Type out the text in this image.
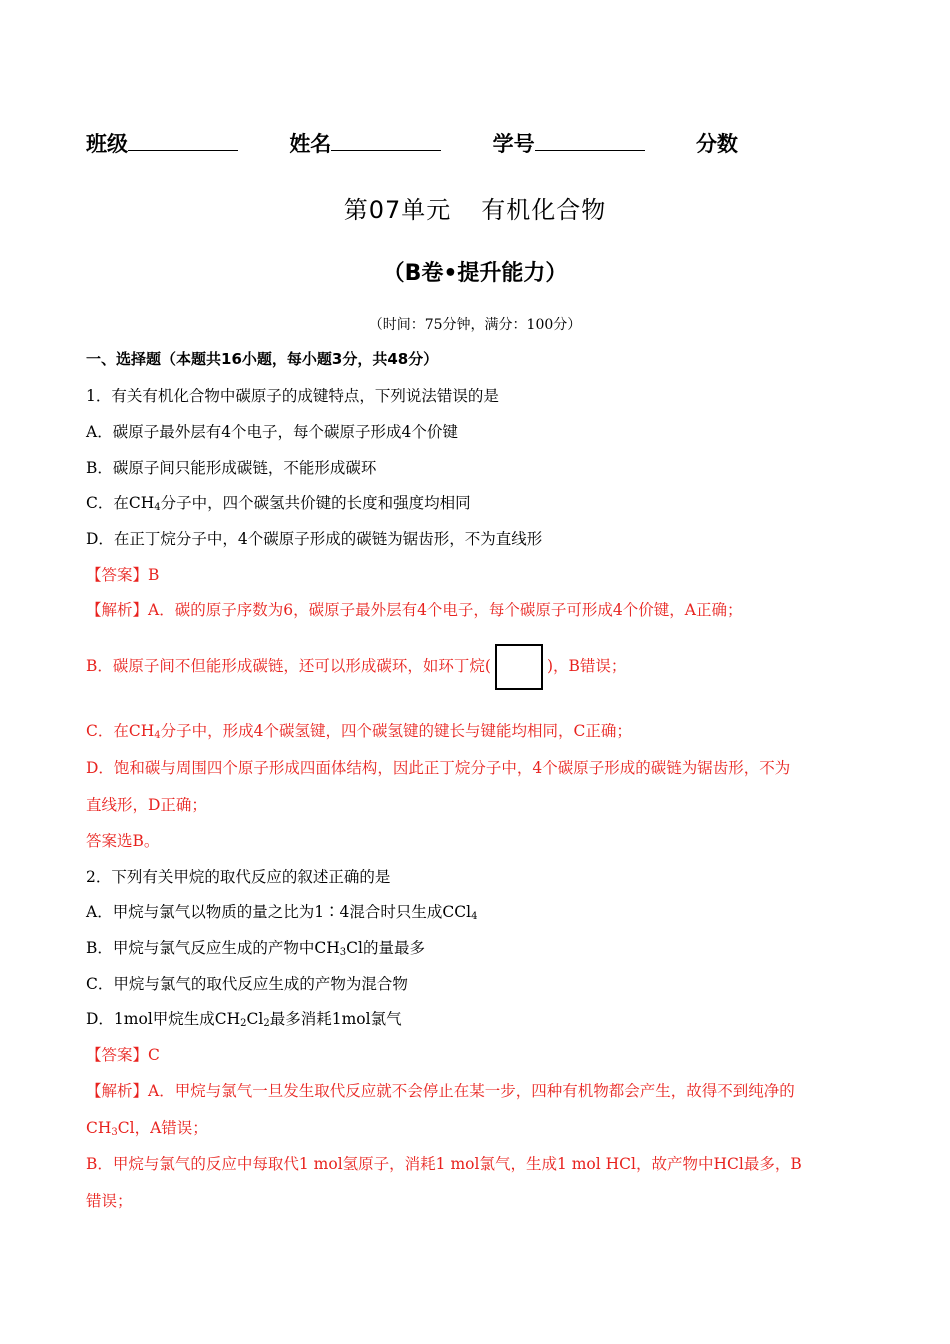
班级	姓名	学号	分数
第07单元 有机化合物
（B卷•提升能力）
（时间：75分钟，满分：100分）
一、选择题（本题共16小题，每小题3分，共48分）
1．有关有机化合物中碳原子的成键特点，下列说法错误的是
A．碳原子最外层有4个电子，每个碳原子形成4个价键
B．碳原子间只能形成碳链，不能形成碳环
C．在$CH_4$分子中，四个碳氢共价键的长度和强度均相同
D．在正丁烷分子中，4个碳原子形成的碳链为锯齿形，不为直线形
【答案】B
【解析】A．碳的原子序数为6，碳原子最外层有4个电子，每个碳原子可形成4个价键，A正确；
B．碳原子间不但能形成碳链，还可以形成碳环，如环丁烷(	)，B错误；
C．在$CH_4$分子中，形成4个碳氢键，四个碳氢键的键长与键能均相同，C正确；
D．饱和碳与周围四个原子形成四面体结构，因此正丁烷分子中，4个碳原子形成的碳链为锯齿形，不为
直线形，D正确；
答案选B。
2．下列有关甲烷的取代反应的叙述正确的是
A．甲烷与氯气以物质的量之比为1∶4混合时只生成CCl$_4$
B．甲烷与氯气反应生成的产物中$CH_3Cl$的量最多
C．甲烷与氯气的取代反应生成的产物为混合物
D．1mol甲烷生成$CH_2Cl_2$最多消耗1mol氯气
【答案】C
【解析】A．甲烷与氯气一旦发生取代反应就不会停止在某一步，四种有机物都会产生，故得不到纯净的
$CH_3Cl$，A错误；
B．甲烷与氯气的反应中每取代1 mol氢原子，消耗1 mol氯气，生成1 mol HCl，故产物中HCl最多，B
错误；
